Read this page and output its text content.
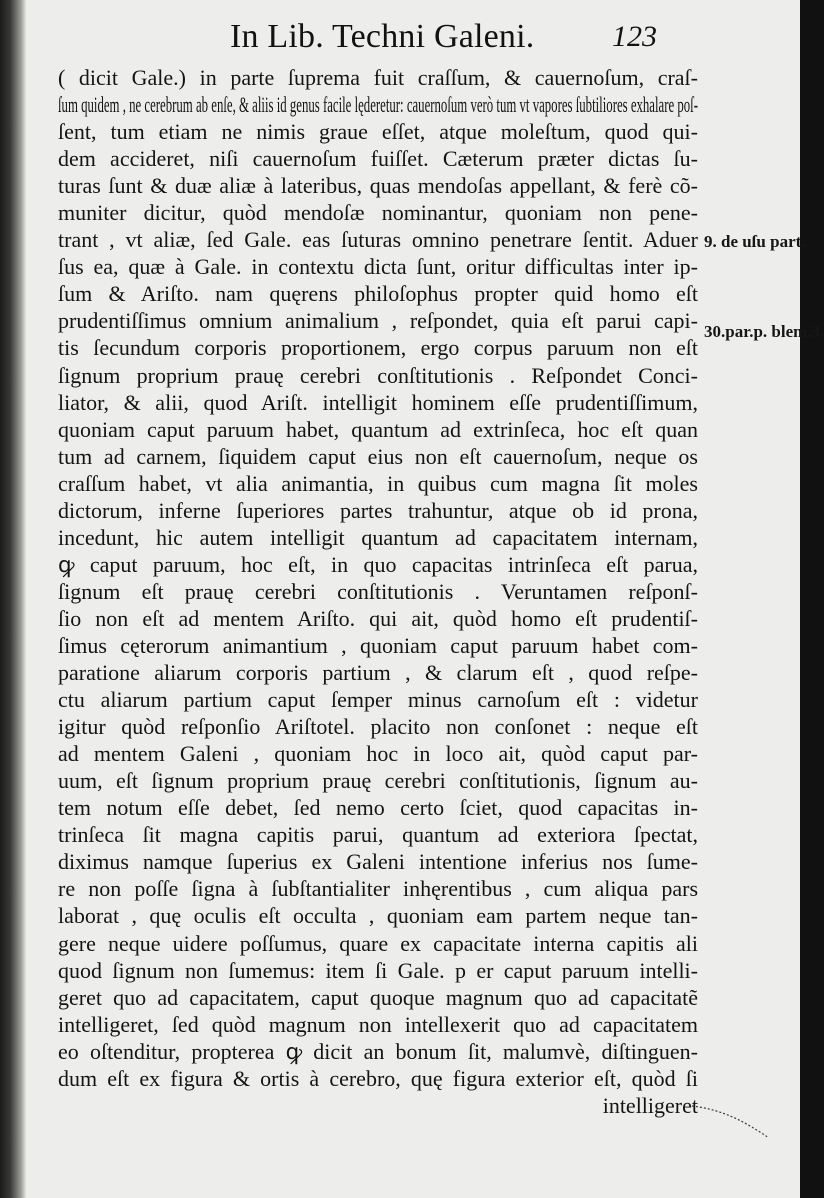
In Lib. Techni Galeni.	123
( dicit Gale.) in parte ſuprema fuit craſſum, & cauernoſum, craſ-
ſum quidem , ne cerebrum ab enſe, & aliis id genus facile lęderetur: cauernoſum verò tum vt vapores ſubtiliores exhalare poſ-
ſent, tum etiam ne nimis graue eſſet, atque moleſtum, quod qui-
dem accideret, niſi cauernoſum fuiſſet. Cæterum præter dictas ſu-
turas ſunt & duæ aliæ à lateribus, quas mendoſas appellant, & ferè cõ-
muniter dicitur, quòd mendoſæ nominantur, quoniam non pene-
trant , vt aliæ, ſed Gale. eas ſuturas omnino penetrare ſentit. Aduer
ſus ea, quæ à Gale. in contextu dicta ſunt, oritur difficultas inter ip-
ſum & Ariſto. nam quęrens philoſophus propter quid homo eſt
prudentiſſimus omnium animalium , reſpondet, quia eſt parui capi-
tis ſecundum corporis proportionem, ergo corpus paruum non eſt
ſignum proprium prauę cerebri conſtitutionis . Reſpondet Conci-
liator, & alii, quod Ariſt. intelligit hominem eſſe prudentiſſimum,
quoniam caput paruum habet, quantum ad extrinſeca, hoc eſt quan
tum ad carnem, ſiquidem caput eius non eſt cauernoſum, neque os
craſſum habet, vt alia animantia, in quibus cum magna ſit moles
dictorum, inferne ſuperiores partes trahuntur, atque ob id prona,
incedunt, hic autem intelligit quantum ad capacitatem internam,
ꝙ caput paruum, hoc eſt, in quo capacitas intrinſeca eſt parua,
ſignum eſt prauę cerebri conſtitutionis . Veruntamen reſponſ-
ſio non eſt ad mentem Ariſto. qui ait, quòd homo eſt prudentiſ-
ſimus cęterorum animantium , quoniam caput paruum habet com-
paratione aliarum corporis partium , & clarum eſt , quod reſpe-
ctu aliarum partium caput ſemper minus carnoſum eſt : videtur
igitur quòd reſponſio Ariſtotel. placito non conſonet : neque eſt
ad mentem Galeni , quoniam hoc in loco ait, quòd caput par-
uum, eſt ſignum proprium prauę cerebri conſtitutionis, ſignum au-
tem notum eſſe debet, ſed nemo certo ſciet, quod capacitas in-
trinſeca ſit magna capitis parui, quantum ad exteriora ſpectat,
diximus namque ſuperius ex Galeni intentione inferius nos ſume-
re non poſſe ſigna à ſubſtantialiter inhęrentibus , cum aliqua pars
laborat , quę oculis eſt occulta , quoniam eam partem neque tan-
gere neque uidere poſſumus, quare ex capacitate interna capitis ali
quod ſignum non ſumemus: item ſi Gale. p er caput paruum intelli-
geret quo ad capacitatem, caput quoque magnum quo ad capacitatẽ
intelligeret, ſed quòd magnum non intellexerit quo ad capacitatem
eo oſtenditur, propterea ꝙ dicit an bonum ſit, malumvè, diſtinguen-
dum eſt ex figura & ortis à cerebro, quę figura exterior eſt, quòd ſi
intelligeret
9. de uſu part.
30.par.p. blem.3.
